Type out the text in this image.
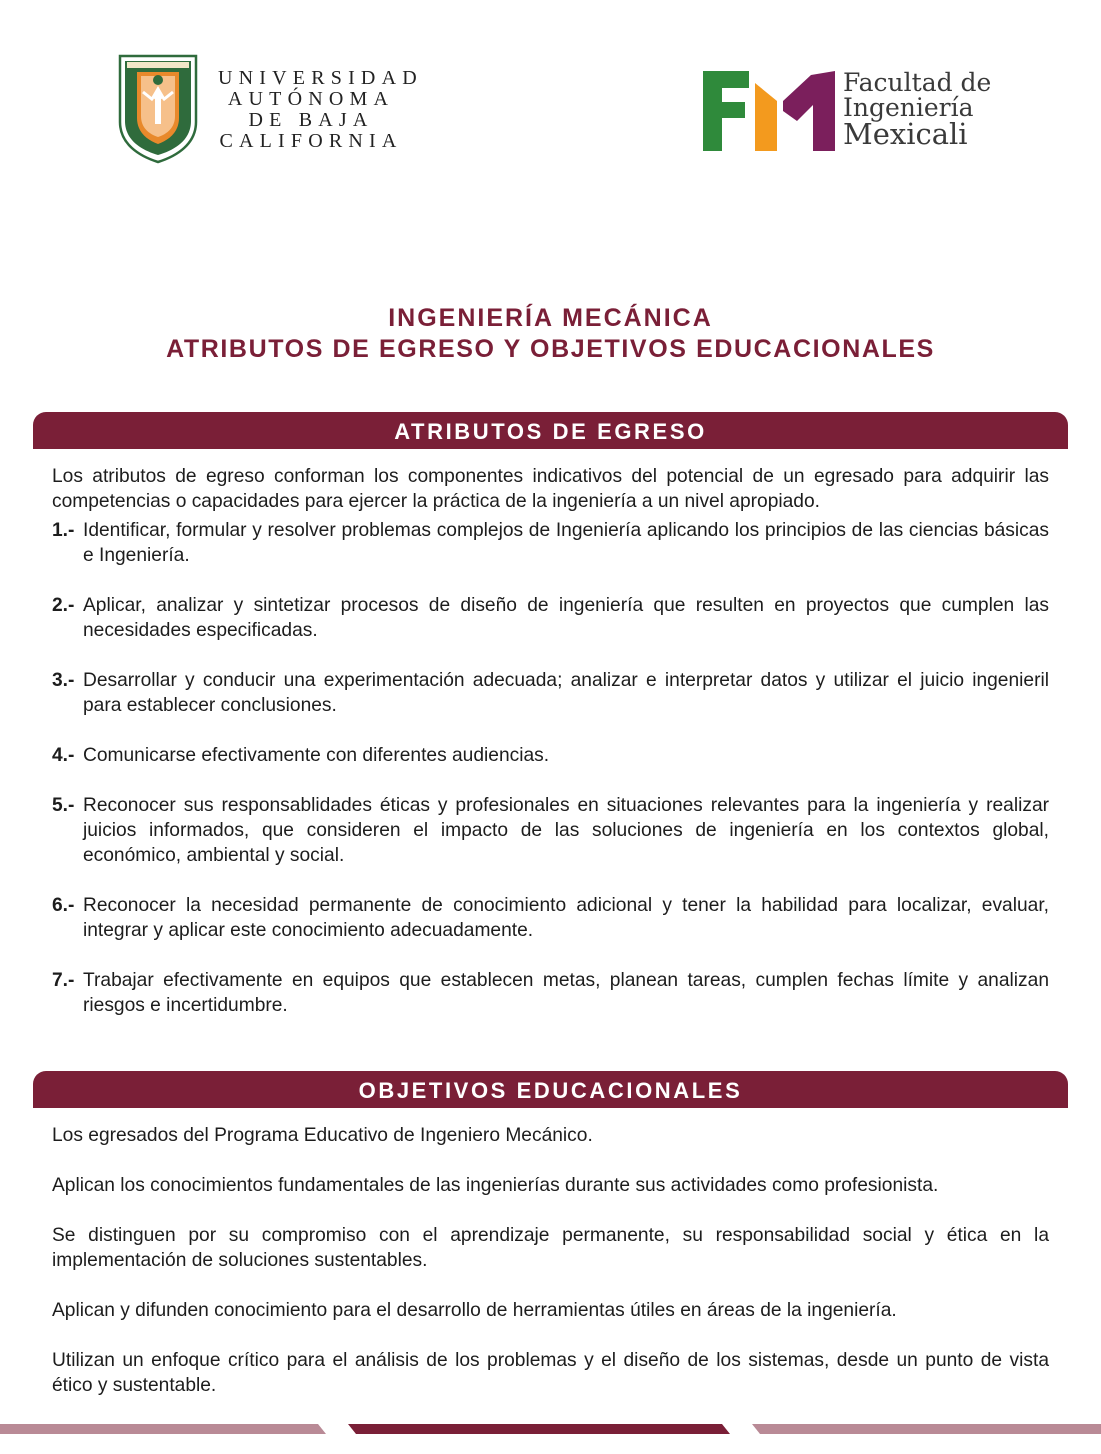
UNIVERSIDAD
AUTÓNOMA
DE BAJA
CALIFORNIA
Facultad de
Ingeniería
Mexicali
INGENIERÍA MECÁNICA
ATRIBUTOS DE EGRESO Y OBJETIVOS EDUCACIONALES
ATRIBUTOS DE EGRESO

Los atributos de egreso conforman los componentes indicativos del potencial de un egresado para adquirir las competencias o capacidades para ejercer la práctica de la ingeniería a un nivel apropiado.

1.- Identificar, formular y resolver problemas complejos de Ingeniería aplicando los principios de las ciencias básicas e Ingeniería.
2.- Aplicar, analizar y sintetizar procesos de diseño de ingeniería que resulten en proyectos que cumplen las necesidades especificadas.
3.- Desarrollar y conducir una experimentación adecuada; analizar e interpretar datos y utilizar el juicio ingenieril para establecer conclusiones.
4.- Comunicarse efectivamente con diferentes audiencias.
5.- Reconocer sus responsablidades éticas y profesionales en situaciones relevantes para la ingeniería y realizar juicios informados, que consideren el impacto de las soluciones de ingeniería en los contextos global, económico, ambiental y social.
6.- Reconocer la necesidad permanente de conocimiento adicional y tener la habilidad para localizar, evaluar, integrar y aplicar este conocimiento adecuadamente.
7.- Trabajar efectivamente en equipos que establecen metas, planean tareas, cumplen fechas límite y analizan riesgos e incertidumbre.
OBJETIVOS EDUCACIONALES

Los egresados del Programa Educativo de Ingeniero Mecánico.

Aplican los conocimientos fundamentales de las ingenierías durante sus actividades como profesionista.

Se distinguen por su compromiso con el aprendizaje permanente, su responsabilidad social y ética en la implementación de soluciones sustentables.

Aplican y difunden conocimiento para el desarrollo de herramientas útiles en áreas de la ingeniería.

Utilizan un enfoque crítico para el análisis de los problemas y el diseño de los sistemas, desde un punto de vista ético y sustentable.
